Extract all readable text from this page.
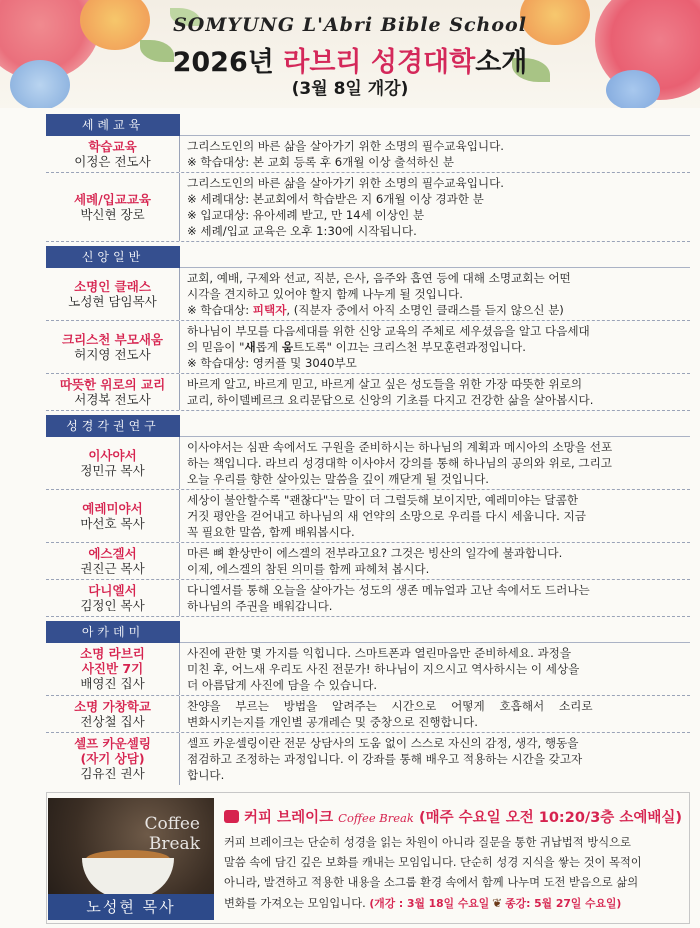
SOMYUNG L'Abri Bible School
2026년 라브리 성경대학소개
(3월 8일 개강)
세례교육
학습교육
이정은 전도사

그리스도인의 바른 삶을 살아가기 위한 소명의 필수교육입니다.

※ 학습대상: 본 교회 등록 후 6개월 이상 출석하신 분

세례/입교교육
박신현 장로

그리스도인의 바른 삶을 살아가기 위한 소명의 필수교육입니다.

※ 세례대상: 본교회에서 학습받은 지 6개월 이상 경과한 분

※ 입교대상: 유아세례 받고, 만 14세 이상인 분

※ 세례/입교 교육은 오후 1:30에 시작됩니다.

신앙일반
소명인 클래스
노성현 담임목사

교회, 예배, 구제와 선교, 직분, 은사, 음주와 흡연 등에 대해 소명교회는 어떤

시각을 견지하고 있어야 할지 함께 나누게 될 것입니다.

※ 학습대상: 피택자, (직분자 중에서 아직 소명인 클래스를 듣지 않으신 분)

크리스천 부모새움
허지영 전도사

하나님이 부모를 다음세대를 위한 신앙 교육의 주체로 세우셨음을 알고 다음세대

의 믿음이 "새롭게 움트도록" 이끄는 크리스천 부모훈련과정입니다.

※ 학습대상: 영커플 및 3040부모

따뜻한 위로의 교리
서경복 전도사

바르게 알고, 바르게 믿고, 바르게 살고 싶은 성도들을 위한 가장 따뜻한 위로의

교리, 하이델베르크 요리문답으로 신앙의 기초를 다지고 건강한 삶을 살아봅시다.

성경각권연구
이사야서
정민규 목사

이사야서는 심판 속에서도 구원을 준비하시는 하나님의 계획과 메시아의 소망을 선포

하는 책입니다. 라브리 성경대학 이사야서 강의를 통해 하나님의 공의와 위로, 그리고

오늘 우리를 향한 살아있는 말씀을 깊이 깨닫게 될 것입니다.

예레미야서
마선호 목사

세상이 불안할수록 "괜찮다"는 말이 더 그럴듯해 보이지만, 예레미야는 달콤한

거짓 평안을 걷어내고 하나님의 새 언약의 소망으로 우리를 다시 세웁니다. 지금

꼭 필요한 말씀, 함께 배워봅시다.

에스겔서
권진근 목사

마른 뼈 환상만이 에스겔의 전부라고요? 그것은 빙산의 일각에 불과합니다.

이제, 에스겔의 참된 의미를 함께 파헤쳐 봅시다.

다니엘서
김정인 목사

다니엘서를 통해 오늘을 살아가는 성도의 생존 메뉴얼과 고난 속에서도 드러나는

하나님의 주권을 배워갑니다.

아카데미
소명 라브리
사진반 7기
배영진 집사

사진에 관한 몇 가지를 익힙니다. 스마트폰과 열린마음만 준비하세요. 과정을

미친 후, 어느새 우리도 사진 전문가! 하나님이 지으시고 역사하시는 이 세상을

더 아름답게 사진에 담을 수 있습니다.

소명 가창학교
전상철 집사

찬양을    부르는    방법을    알려주는    시간으로    어떻게    호흡해서    소리로

변화시키는지를 개인별 공개레슨 및 중창으로 진행합니다.

셀프 카운셀링
(자기 상담)
김유진 권사

셀프 카운셀링이란 전문 상담사의 도움 없이 스스로 자신의 감정, 생각, 행동을

점검하고 조정하는 과정입니다. 이 강좌를 통해 배우고 적용하는 시간을 갖고자

합니다.

Coffee
Break
노성현 목사
커피 브레이크 Coffee Break (매주 수요일 오전 10:20/3층 소예배실)

커피 브레이크는 단순히 성경을 읽는 차원이 아니라 질문을 통한 귀납법적 방식으로

말씀 속에 담긴 깊은 보화를 캐내는 모임입니다. 단순히 성경 지식을 쌓는 것이 목적이

아니라, 발견하고 적용한 내용을 소그룹 환경 속에서 함께 나누며 도전 받음으로 삶의

변화를 가져오는 모임입니다. (개강 : 3월 18일 수요일 ❦ 종강: 5월 27일 수요일)
